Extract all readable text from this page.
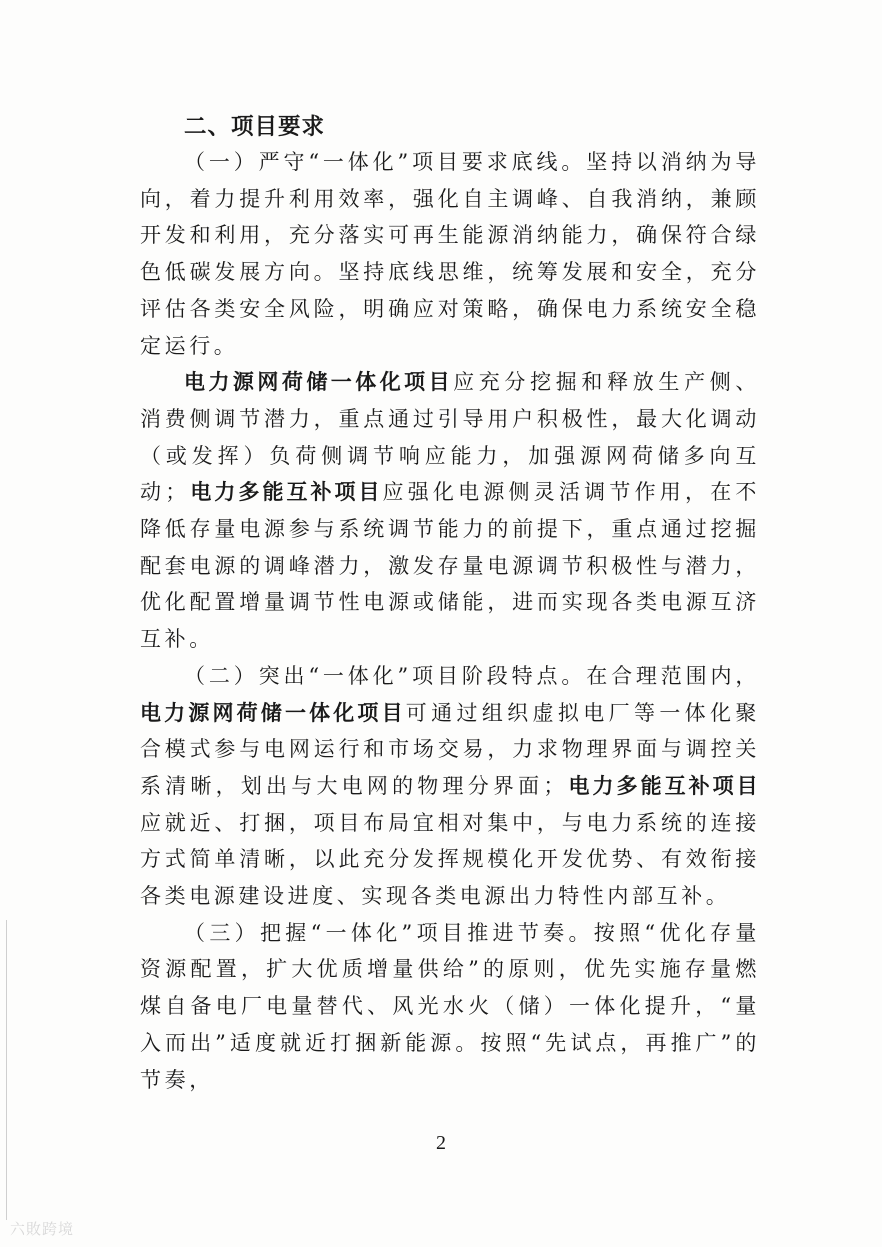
二、项目要求

（一）严守“一体化”项目要求底线。坚持以消纳为导向，着力提升利用效率，强化自主调峰、自我消纳，兼顾开发和利用，充分落实可再生能源消纳能力，确保符合绿色低碳发展方向。坚持底线思维，统筹发展和安全，充分评估各类安全风险，明确应对策略，确保电力系统安全稳定运行。

电力源网荷储一体化项目应充分挖掘和释放生产侧、消费侧调节潜力，重点通过引导用户积极性，最大化调动（或发挥）负荷侧调节响应能力，加强源网荷储多向互动；电力多能互补项目应强化电源侧灵活调节作用，在不降低存量电源参与系统调节能力的前提下，重点通过挖掘配套电源的调峰潜力，激发存量电源调节积极性与潜力，优化配置增量调节性电源或储能，进而实现各类电源互济互补。

（二）突出“一体化”项目阶段特点。在合理范围内，电力源网荷储一体化项目可通过组织虚拟电厂等一体化聚合模式参与电网运行和市场交易，力求物理界面与调控关系清晰，划出与大电网的物理分界面；电力多能互补项目应就近、打捆，项目布局宜相对集中，与电力系统的连接方式简单清晰，以此充分发挥规模化开发优势、有效衔接各类电源建设进度、实现各类电源出力特性内部互补。

（三）把握“一体化”项目推进节奏。按照“优化存量资源配置，扩大优质增量供给”的原则，优先实施存量燃煤自备电厂电量替代、风光水火（储）一体化提升，“量入而出”适度就近打捆新能源。按照“先试点，再推广”的节奏，

2
六敗跨境
